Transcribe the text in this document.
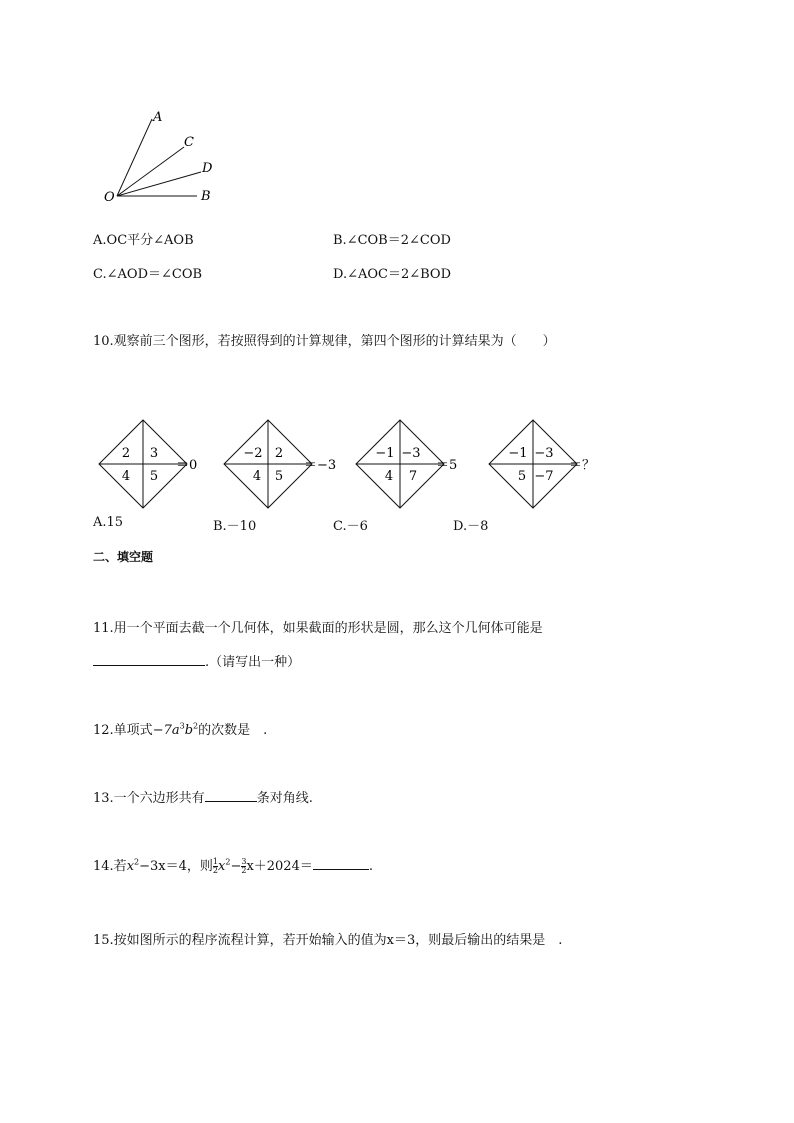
A
C
D
O	B
A.OC平分∠AOB	B.∠COB＝2∠COD
C.∠AOD＝∠COB	D.∠AOC＝2∠BOD
10.观察前三个图形，若按照得到的计算规律，第四个图形的计算结果为（　　）
2 3
4 5
−2 2
4 5
−1 −3
4 7
−1 −3
5 −7
＝0	＝−3	＝5	＝？
A.15	B.－10	C.－6	D.－8
二、填空题
11.用一个平面去截一个几何体，如果截面的形状是圆，那么这个几何体可能是
.（请写出一种）
12.单项式$-7a^3b^2$的次数是　.
13.一个六边形共有	条对角线.
14.若$x^2-3x=4$，则 $\frac{1}{2} x^2- \frac{3}{2} x+2024=$	.
15.按如图所示的程序流程计算，若开始输入的值为x＝3，则最后输出的结果是　.
